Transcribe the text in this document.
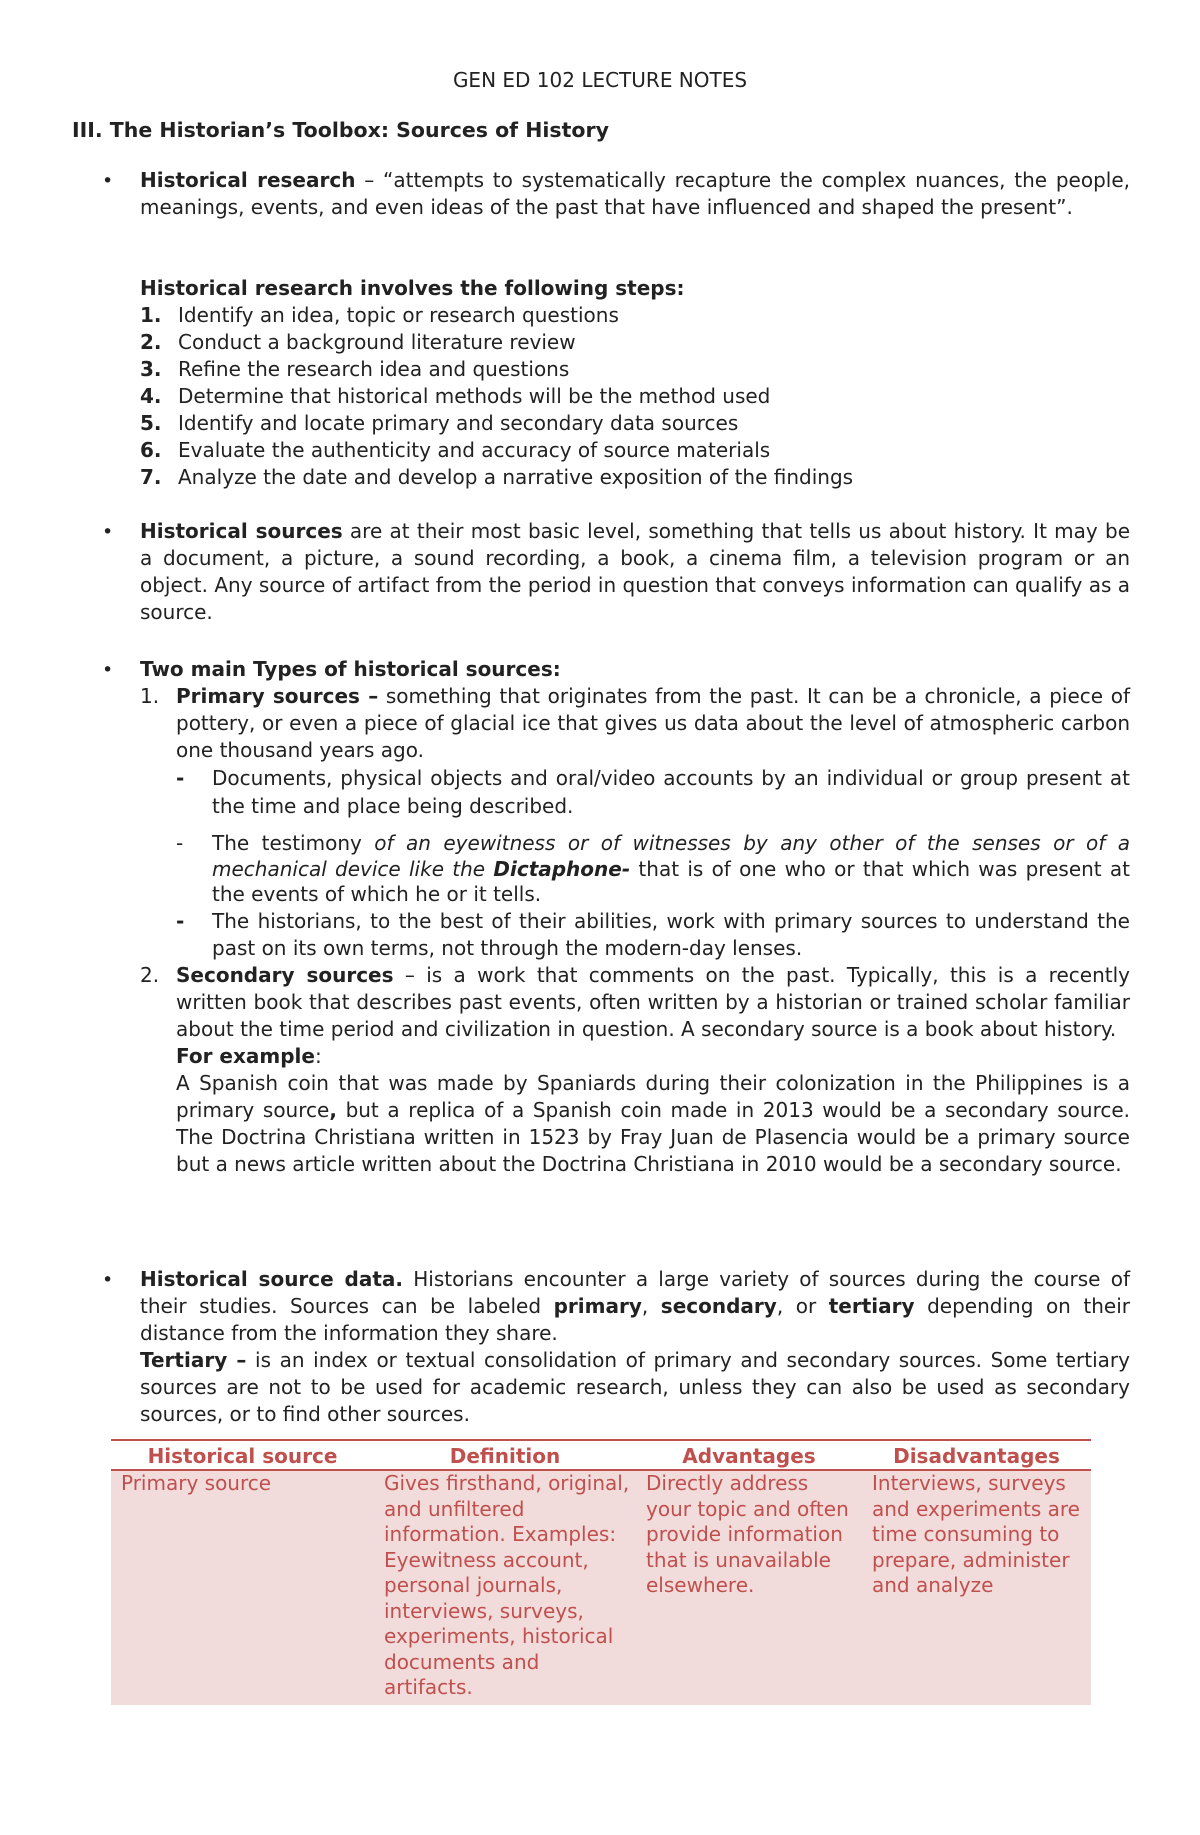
GEN ED 102 LECTURE NOTES
III. The Historian’s Toolbox: Sources of History
• Historical research – “attempts to systematically recapture the complex nuances, the people, meanings, events, and even ideas of the past that have influenced and shaped the present”.
Historical research involves the following steps:
1. Identify an idea, topic or research questions
2. Conduct a background literature review
3. Refine the research idea and questions
4. Determine that historical methods will be the method used
5. Identify and locate primary and secondary data sources
6. Evaluate the authenticity and accuracy of source materials
7. Analyze the date and develop a narrative exposition of the findings
• Historical sources are at their most basic level, something that tells us about history. It may be a document, a picture, a sound recording, a book, a cinema film, a television program or an object. Any source of artifact from the period in question that conveys information can qualify as a source.
• Two main Types of historical sources:
1. Primary sources – something that originates from the past. It can be a chronicle, a piece of pottery, or even a piece of glacial ice that gives us data about the level of atmospheric carbon one thousand years ago.
- Documents, physical objects and oral/video accounts by an individual or group present at the time and place being described.
- The testimony of an eyewitness or of witnesses by any other of the senses or of a mechanical device like the Dictaphone- that is of one who or that which was present at the events of which he or it tells.
- The historians, to the best of their abilities, work with primary sources to understand the past on its own terms, not through the modern-day lenses.
2. Secondary sources – is a work that comments on the past. Typically, this is a recently written book that describes past events, often written by a historian or trained scholar familiar about the time period and civilization in question. A secondary source is a book about history.
For example:
A Spanish coin that was made by Spaniards during their colonization in the Philippines is a primary source, but a replica of a Spanish coin made in 2013 would be a secondary source. The Doctrina Christiana written in 1523 by Fray Juan de Plasencia would be a primary source but a news article written about the Doctrina Christiana in 2010 would be a secondary source.
• Historical source data. Historians encounter a large variety of sources during the course of their studies. Sources can be labeled primary, secondary, or tertiary depending on their distance from the information they share.
Tertiary – is an index or textual consolidation of primary and secondary sources. Some tertiary sources are not to be used for academic research, unless they can also be used as secondary sources, or to find other sources.
Historical source	Definition	Advantages	Disadvantages
Primary source	Gives firsthand, original, and unfiltered information. Examples: Eyewitness account, personal journals, interviews, surveys, experiments, historical documents and artifacts.	Directly address your topic and often provide information that is unavailable elsewhere.	Interviews, surveys and experiments are time consuming to prepare, administer and analyze
